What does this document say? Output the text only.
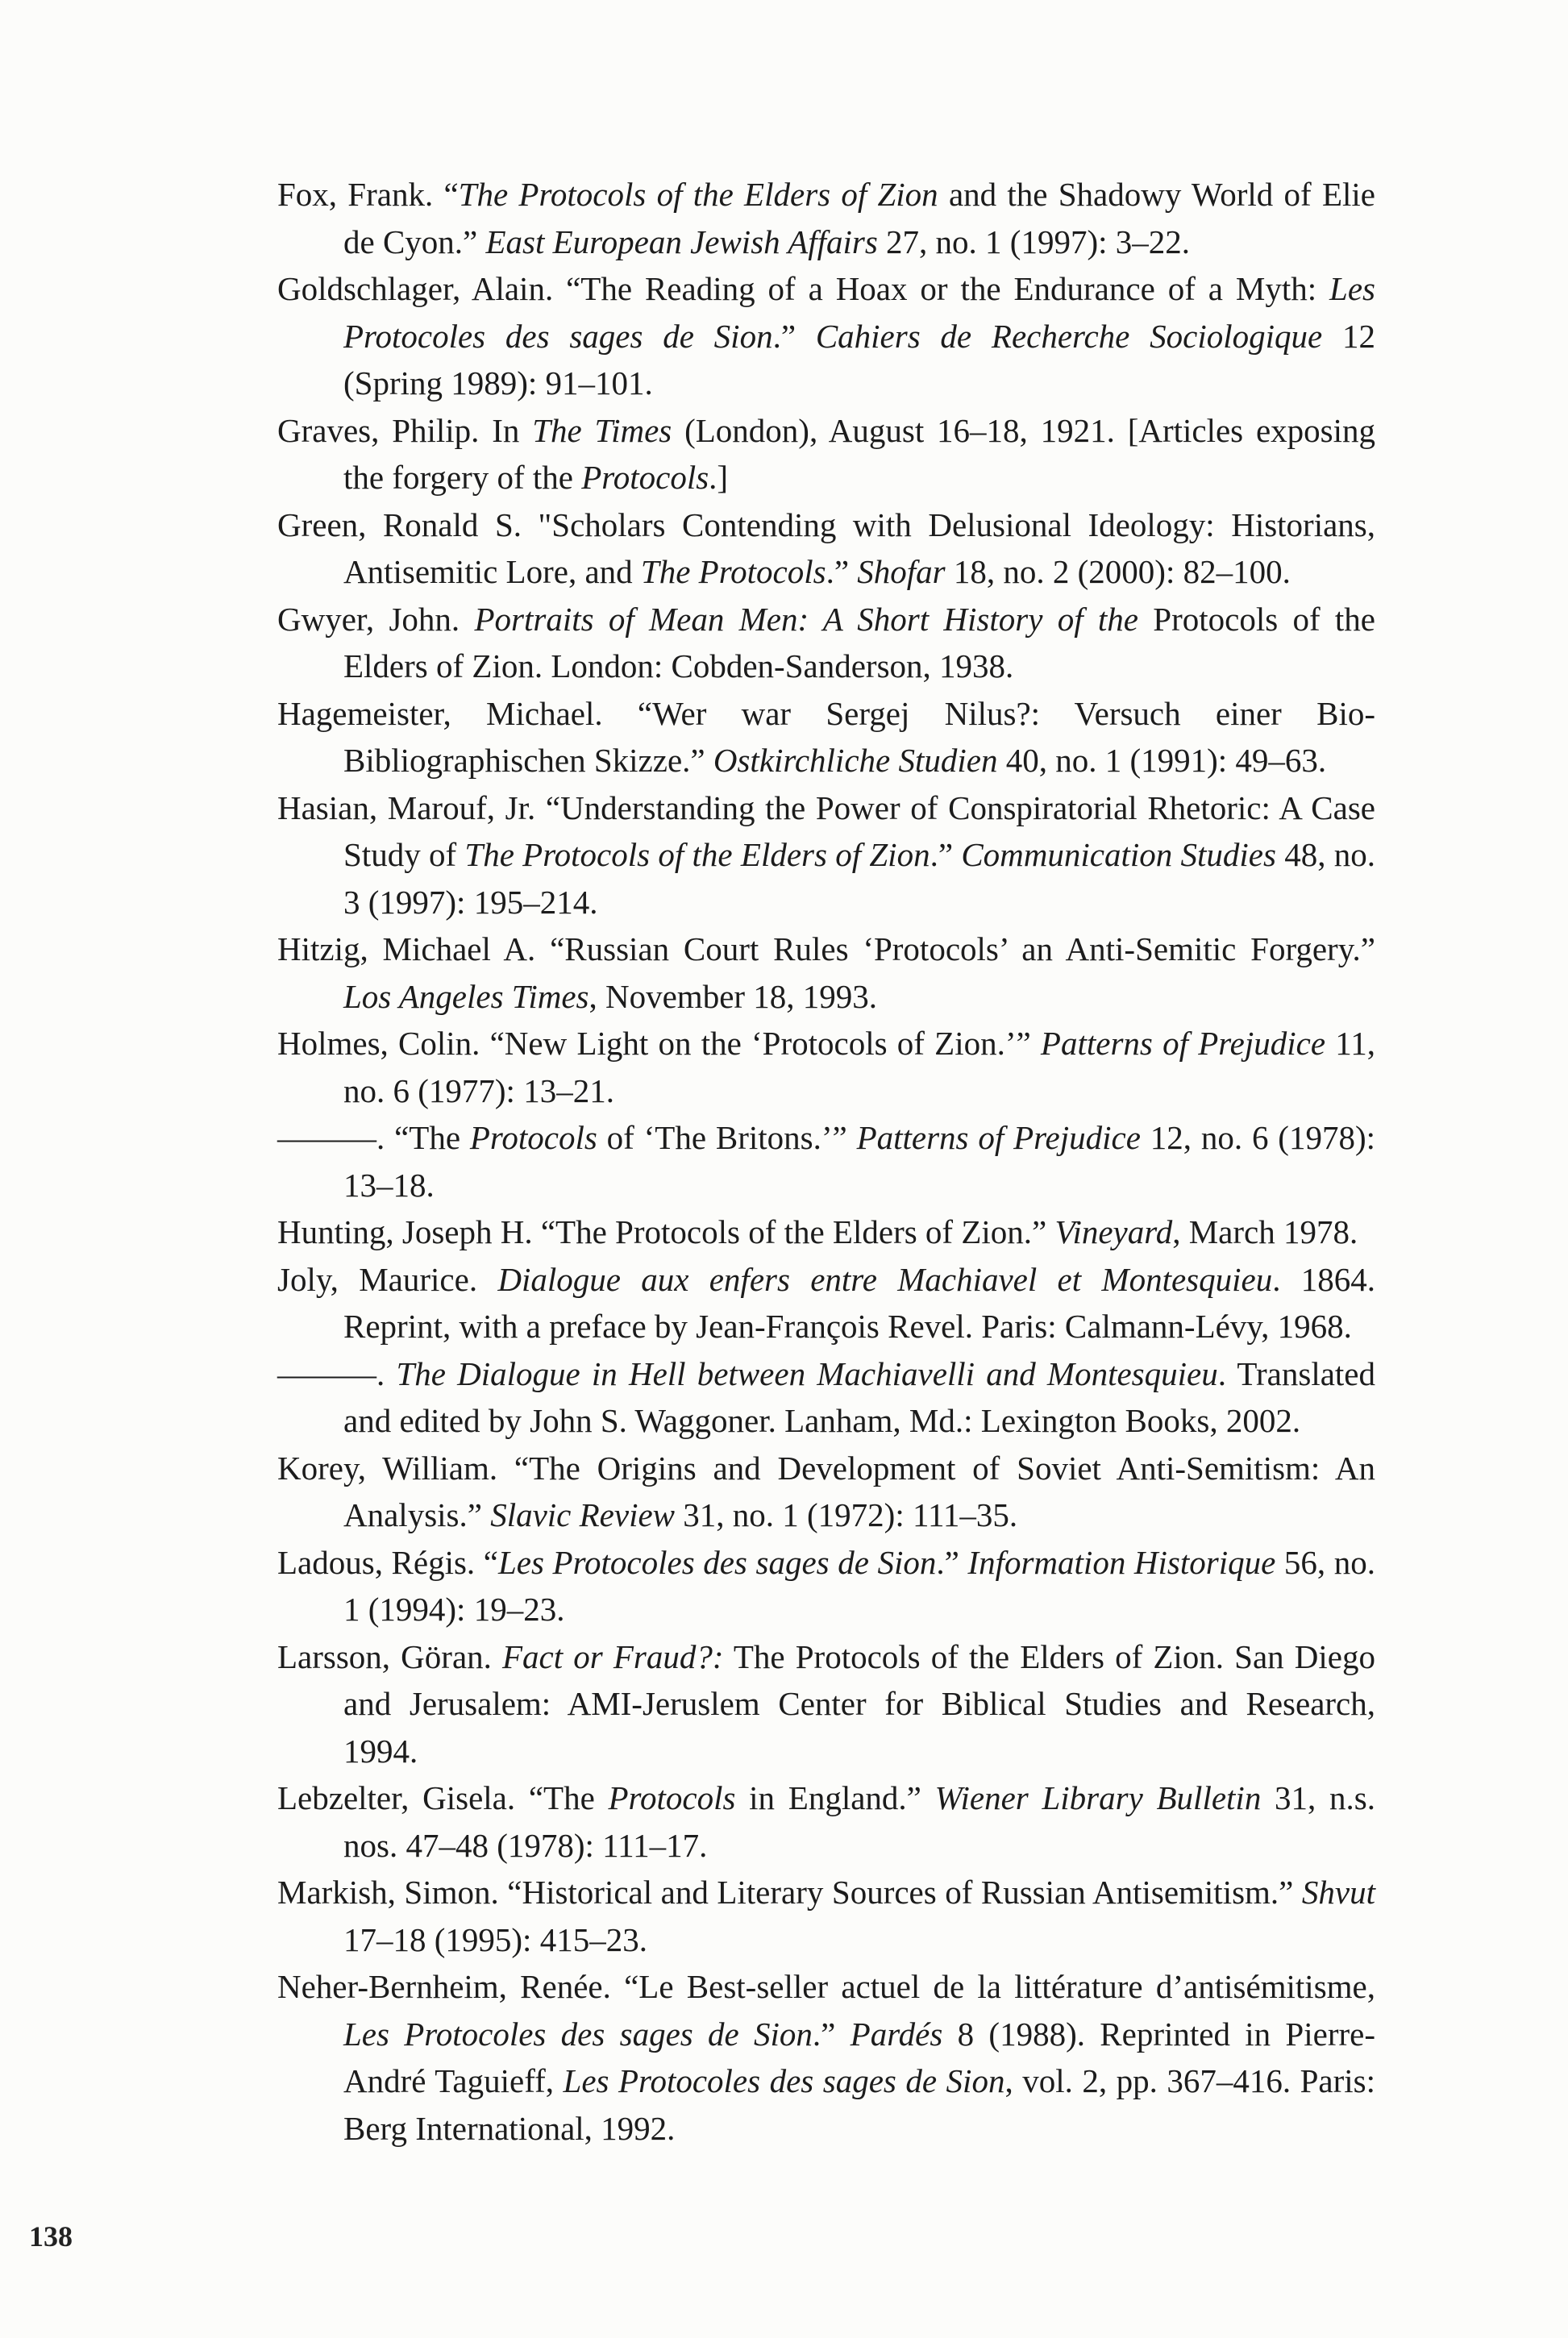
Fox, Frank. “The Protocols of the Elders of Zion and the Shadowy World of Elie de Cyon.” East European Jewish Affairs 27, no. 1 (1997): 3–22.

Goldschlager, Alain. “The Reading of a Hoax or the Endurance of a Myth: Les Protocoles des sages de Sion.” Cahiers de Recherche Sociologique 12 (Spring 1989): 91–101.

Graves, Philip. In The Times (London), August 16–18, 1921. [Articles exposing the forgery of the Protocols.]

Green, Ronald S. "Scholars Contending with Delusional Ideology: Historians, Antisemitic Lore, and The Protocols.” Shofar 18, no. 2 (2000): 82–100.

Gwyer, John. Portraits of Mean Men: A Short History of the Protocols of the Elders of Zion. London: Cobden-Sanderson, 1938.

Hagemeister, Michael. “Wer war Sergej Nilus?: Versuch einer Bio-Bibliographischen Skizze.” Ostkirchliche Studien 40, no. 1 (1991): 49–63.

Hasian, Marouf, Jr. “Understanding the Power of Conspiratorial Rhetoric: A Case Study of The Protocols of the Elders of Zion.” Communication Studies 48, no. 3 (1997): 195–214.

Hitzig, Michael A. “Russian Court Rules ‘Protocols’ an Anti-Semitic Forgery.” Los Angeles Times, November 18, 1993.

Holmes, Colin. “New Light on the ‘Protocols of Zion.’” Patterns of Prejudice 11, no. 6 (1977): 13–21.

———. “The Protocols of ‘The Britons.’” Patterns of Prejudice 12, no. 6 (1978): 13–18.

Hunting, Joseph H. “The Protocols of the Elders of Zion.” Vineyard, March 1978.

Joly, Maurice. Dialogue aux enfers entre Machiavel et Montesquieu. 1864. Reprint, with a preface by Jean-François Revel. Paris: Calmann-Lévy, 1968.

———. The Dialogue in Hell between Machiavelli and Montesquieu. Translated and edited by John S. Waggoner. Lanham, Md.: Lexington Books, 2002.

Korey, William. “The Origins and Development of Soviet Anti-Semitism: An Analysis.” Slavic Review 31, no. 1 (1972): 111–35.

Ladous, Régis. “Les Protocoles des sages de Sion.” Information Historique 56, no. 1 (1994): 19–23.

Larsson, Göran. Fact or Fraud?: The Protocols of the Elders of Zion. San Diego and Jerusalem: AMI-Jeruslem Center for Biblical Studies and Research, 1994.

Lebzelter, Gisela. “The Protocols in England.” Wiener Library Bulletin 31, n.s. nos. 47–48 (1978): 111–17.

Markish, Simon. “Historical and Literary Sources of Russian Antisemitism.” Shvut 17–18 (1995): 415–23.

Neher-Bernheim, Renée. “Le Best-seller actuel de la littérature d’antisémitisme, Les Protocoles des sages de Sion.” Pardés 8 (1988). Reprinted in Pierre-André Taguieff, Les Protocoles des sages de Sion, vol. 2, pp. 367–416. Paris: Berg International, 1992.

138
